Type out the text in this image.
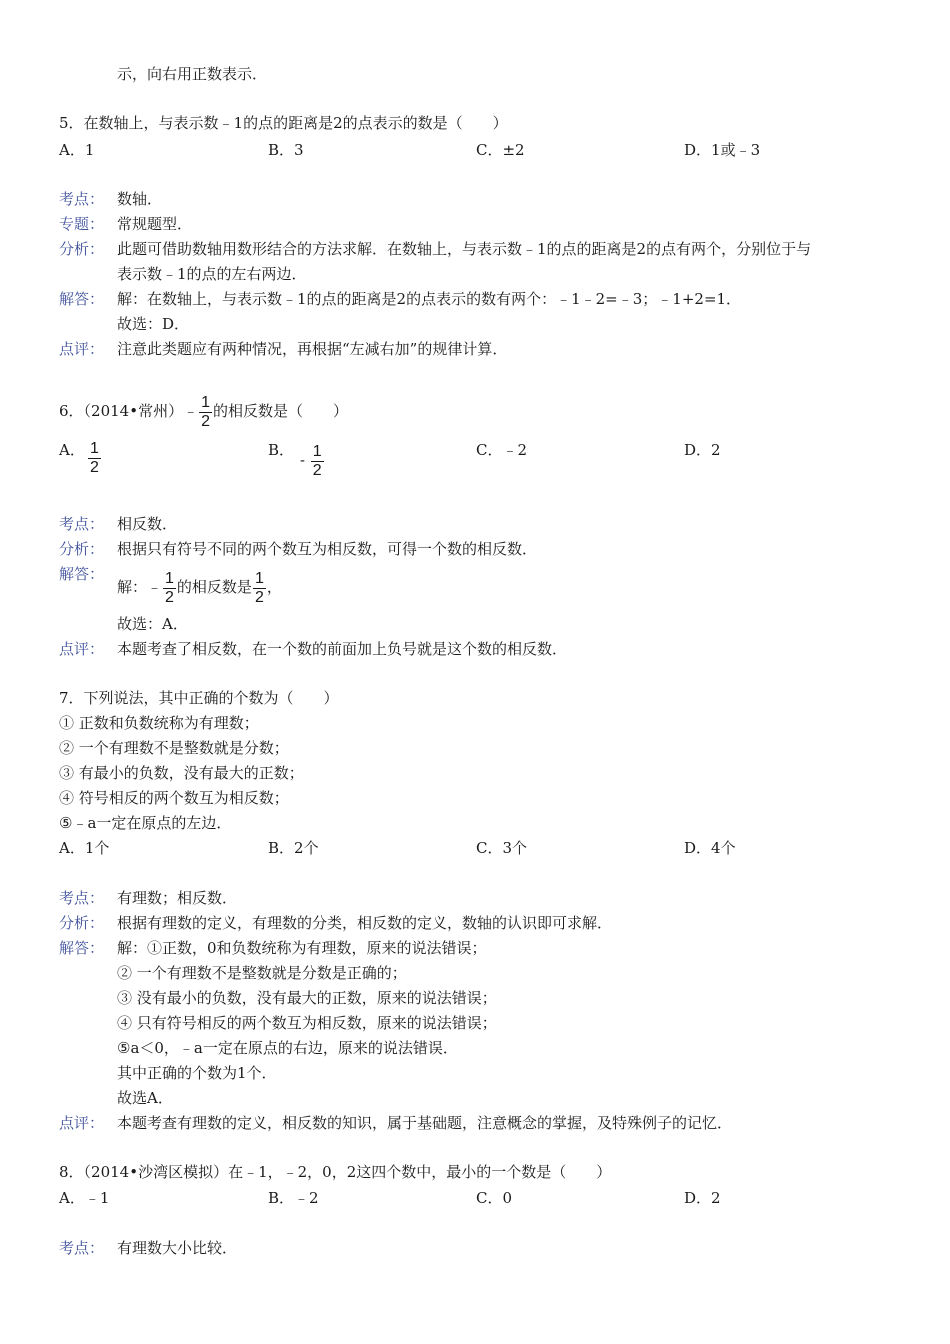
示，向右用正数表示．
5．在数轴上，与表示数﹣1的点的距离是2的点表示的数是（　　）
A．1	B．3	C．±2	D．1或﹣3
考点： 数轴．
专题： 常规题型．
分析： 此题可借助数轴用数形结合的方法求解．在数轴上，与表示数﹣1的点的距离是2的点有两个，分别位于与
表示数﹣1的点的左右两边．
解答： 解：在数轴上，与表示数﹣1的点的距离是2的点表示的数有两个：﹣1﹣2=﹣3；﹣1+2=1．
故选：D．
点评： 注意此类题应有两种情况，再根据“左减右加”的规律计算．
6．（2014•常州）﹣ $\frac{1}{2}$ 的相反数是（　　）
A． $\frac{1}{2}$	B．
- $\frac{1}{2}$	C．﹣2	D．2
考点： 相反数．
分析： 根据只有符号不同的两个数互为相反数，可得一个数的相反数．
解答：
解：﹣ $\frac{1}{2}$ 的相反数是 $\frac{1}{2}$ ，
故选：A．
点评： 本题考查了相反数，在一个数的前面加上负号就是这个数的相反数．
7．下列说法，其中正确的个数为（　　）
① 正数和负数统称为有理数；
② 一个有理数不是整数就是分数；
③ 有最小的负数，没有最大的正数；
④ 符号相反的两个数互为相反数；
⑤﹣a一定在原点的左边．
A．1个	B．2个	C．3个	D．4个
考点： 有理数；相反数．
分析： 根据有理数的定义，有理数的分类，相反数的定义，数轴的认识即可求解．
解答： 解：①正数，0和负数统称为有理数，原来的说法错误；
② 一个有理数不是整数就是分数是正确的；
③ 没有最小的负数，没有最大的正数，原来的说法错误；
④ 只有符号相反的两个数互为相反数，原来的说法错误；
⑤a＜0，﹣a一定在原点的右边，原来的说法错误．
其中正确的个数为1个．
故选A．
点评： 本题考查有理数的定义，相反数的知识，属于基础题，注意概念的掌握，及特殊例子的记忆．
8．（2014•沙湾区模拟）在﹣1，﹣2，0，2这四个数中，最小的一个数是（　　）
A．﹣1	B．﹣2	C．0	D．2
考点： 有理数大小比较．
